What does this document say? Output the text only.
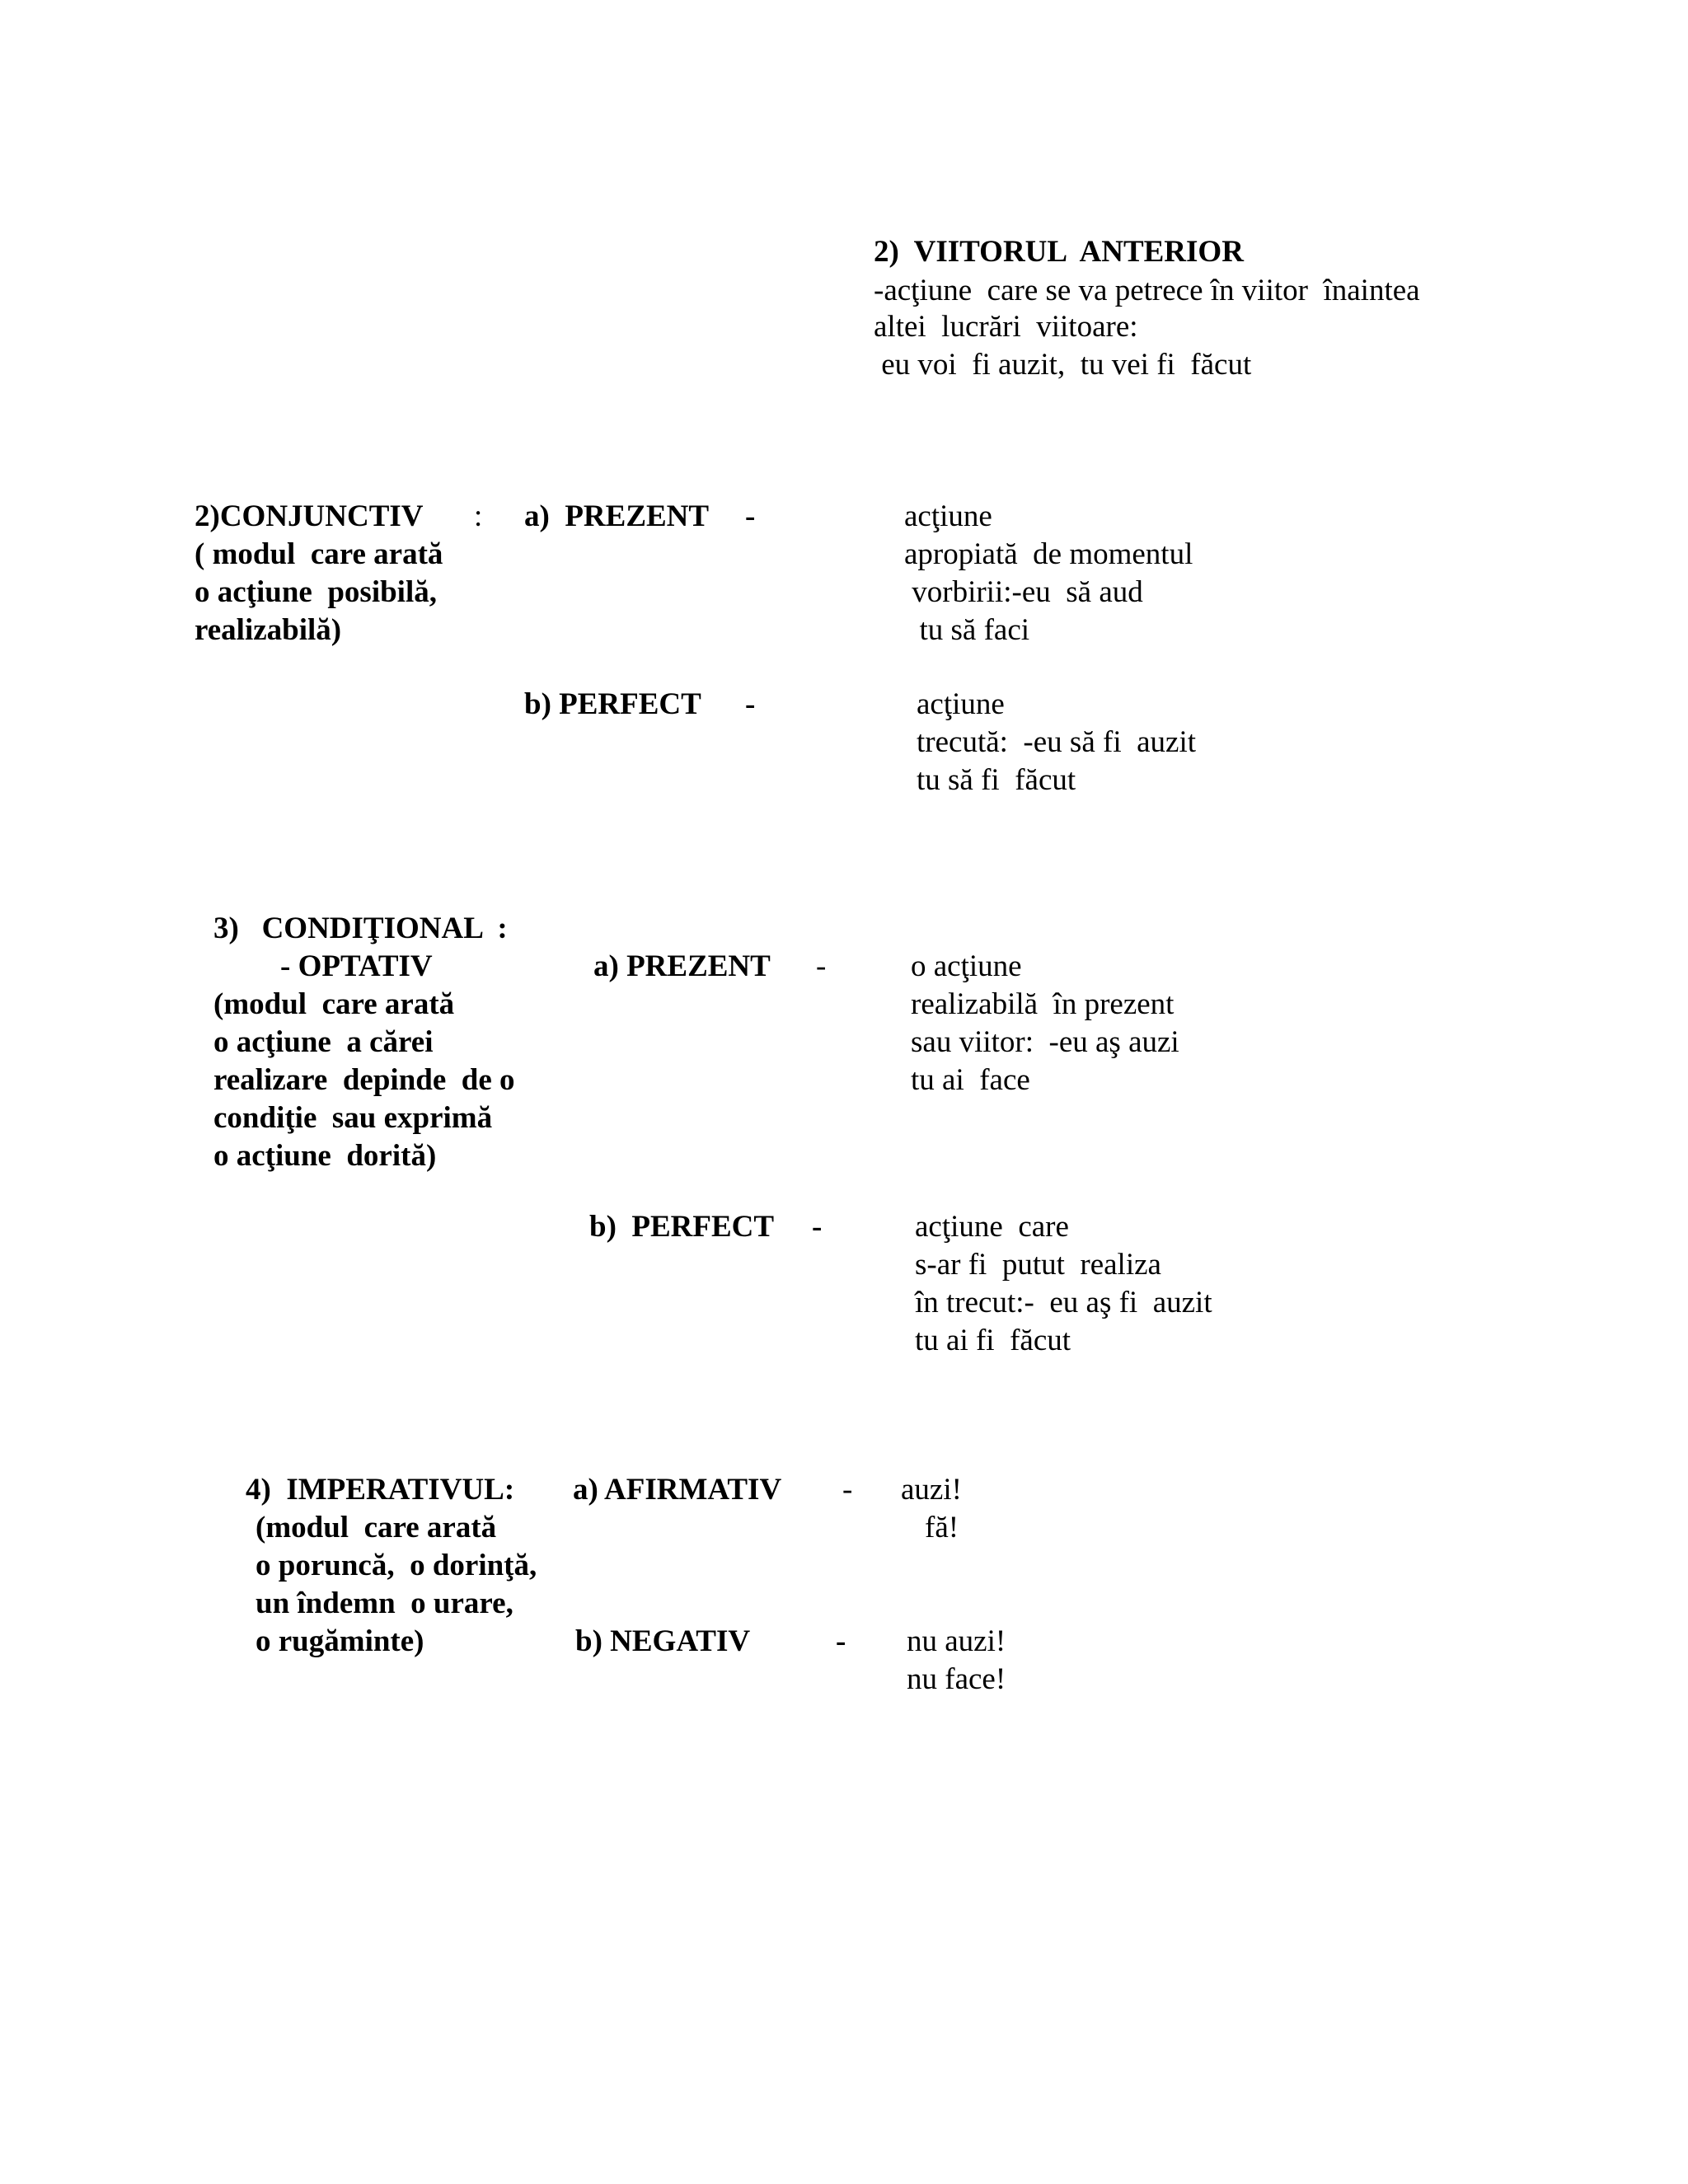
2)  VIITORUL  ANTERIOR
-acţiune  care se va petrece în viitor  înaintea
altei  lucrări  viitoare:
eu voi  fi auzit,  tu vei fi  făcut
2)CONJUNCTIV :
( modul  care arată
o acţiune  posibilă,
realizabilă)
a)  PREZENT -	acţiune
apropiată  de momentul
vorbirii:-eu  să aud
tu să faci
b) PERFECT -	acţiune
trecută:  -eu să fi  auzit
tu să fi  făcut
3)   CONDIŢIONAL  :
- OPTATIV
(modul  care arată
o acţiune  a cărei
realizare  depinde  de o
condiţie  sau exprimă
o acţiune  dorită)
a) PREZENT -	o acţiune
realizabilă  în prezent
sau viitor:  -eu aş auzi
tu ai  face
b)  PERFECT -	acţiune  care
s-ar fi  putut  realiza
în trecut:-  eu aş fi  auzit
tu ai fi  făcut
4)  IMPERATIVUL:
(modul  care arată
o poruncă,  o dorinţă,
un îndemn  o urare,
o rugăminte)
a) AFIRMATIV - auzi!
fă!
b) NEGATIV	- nu auzi!
nu face!
